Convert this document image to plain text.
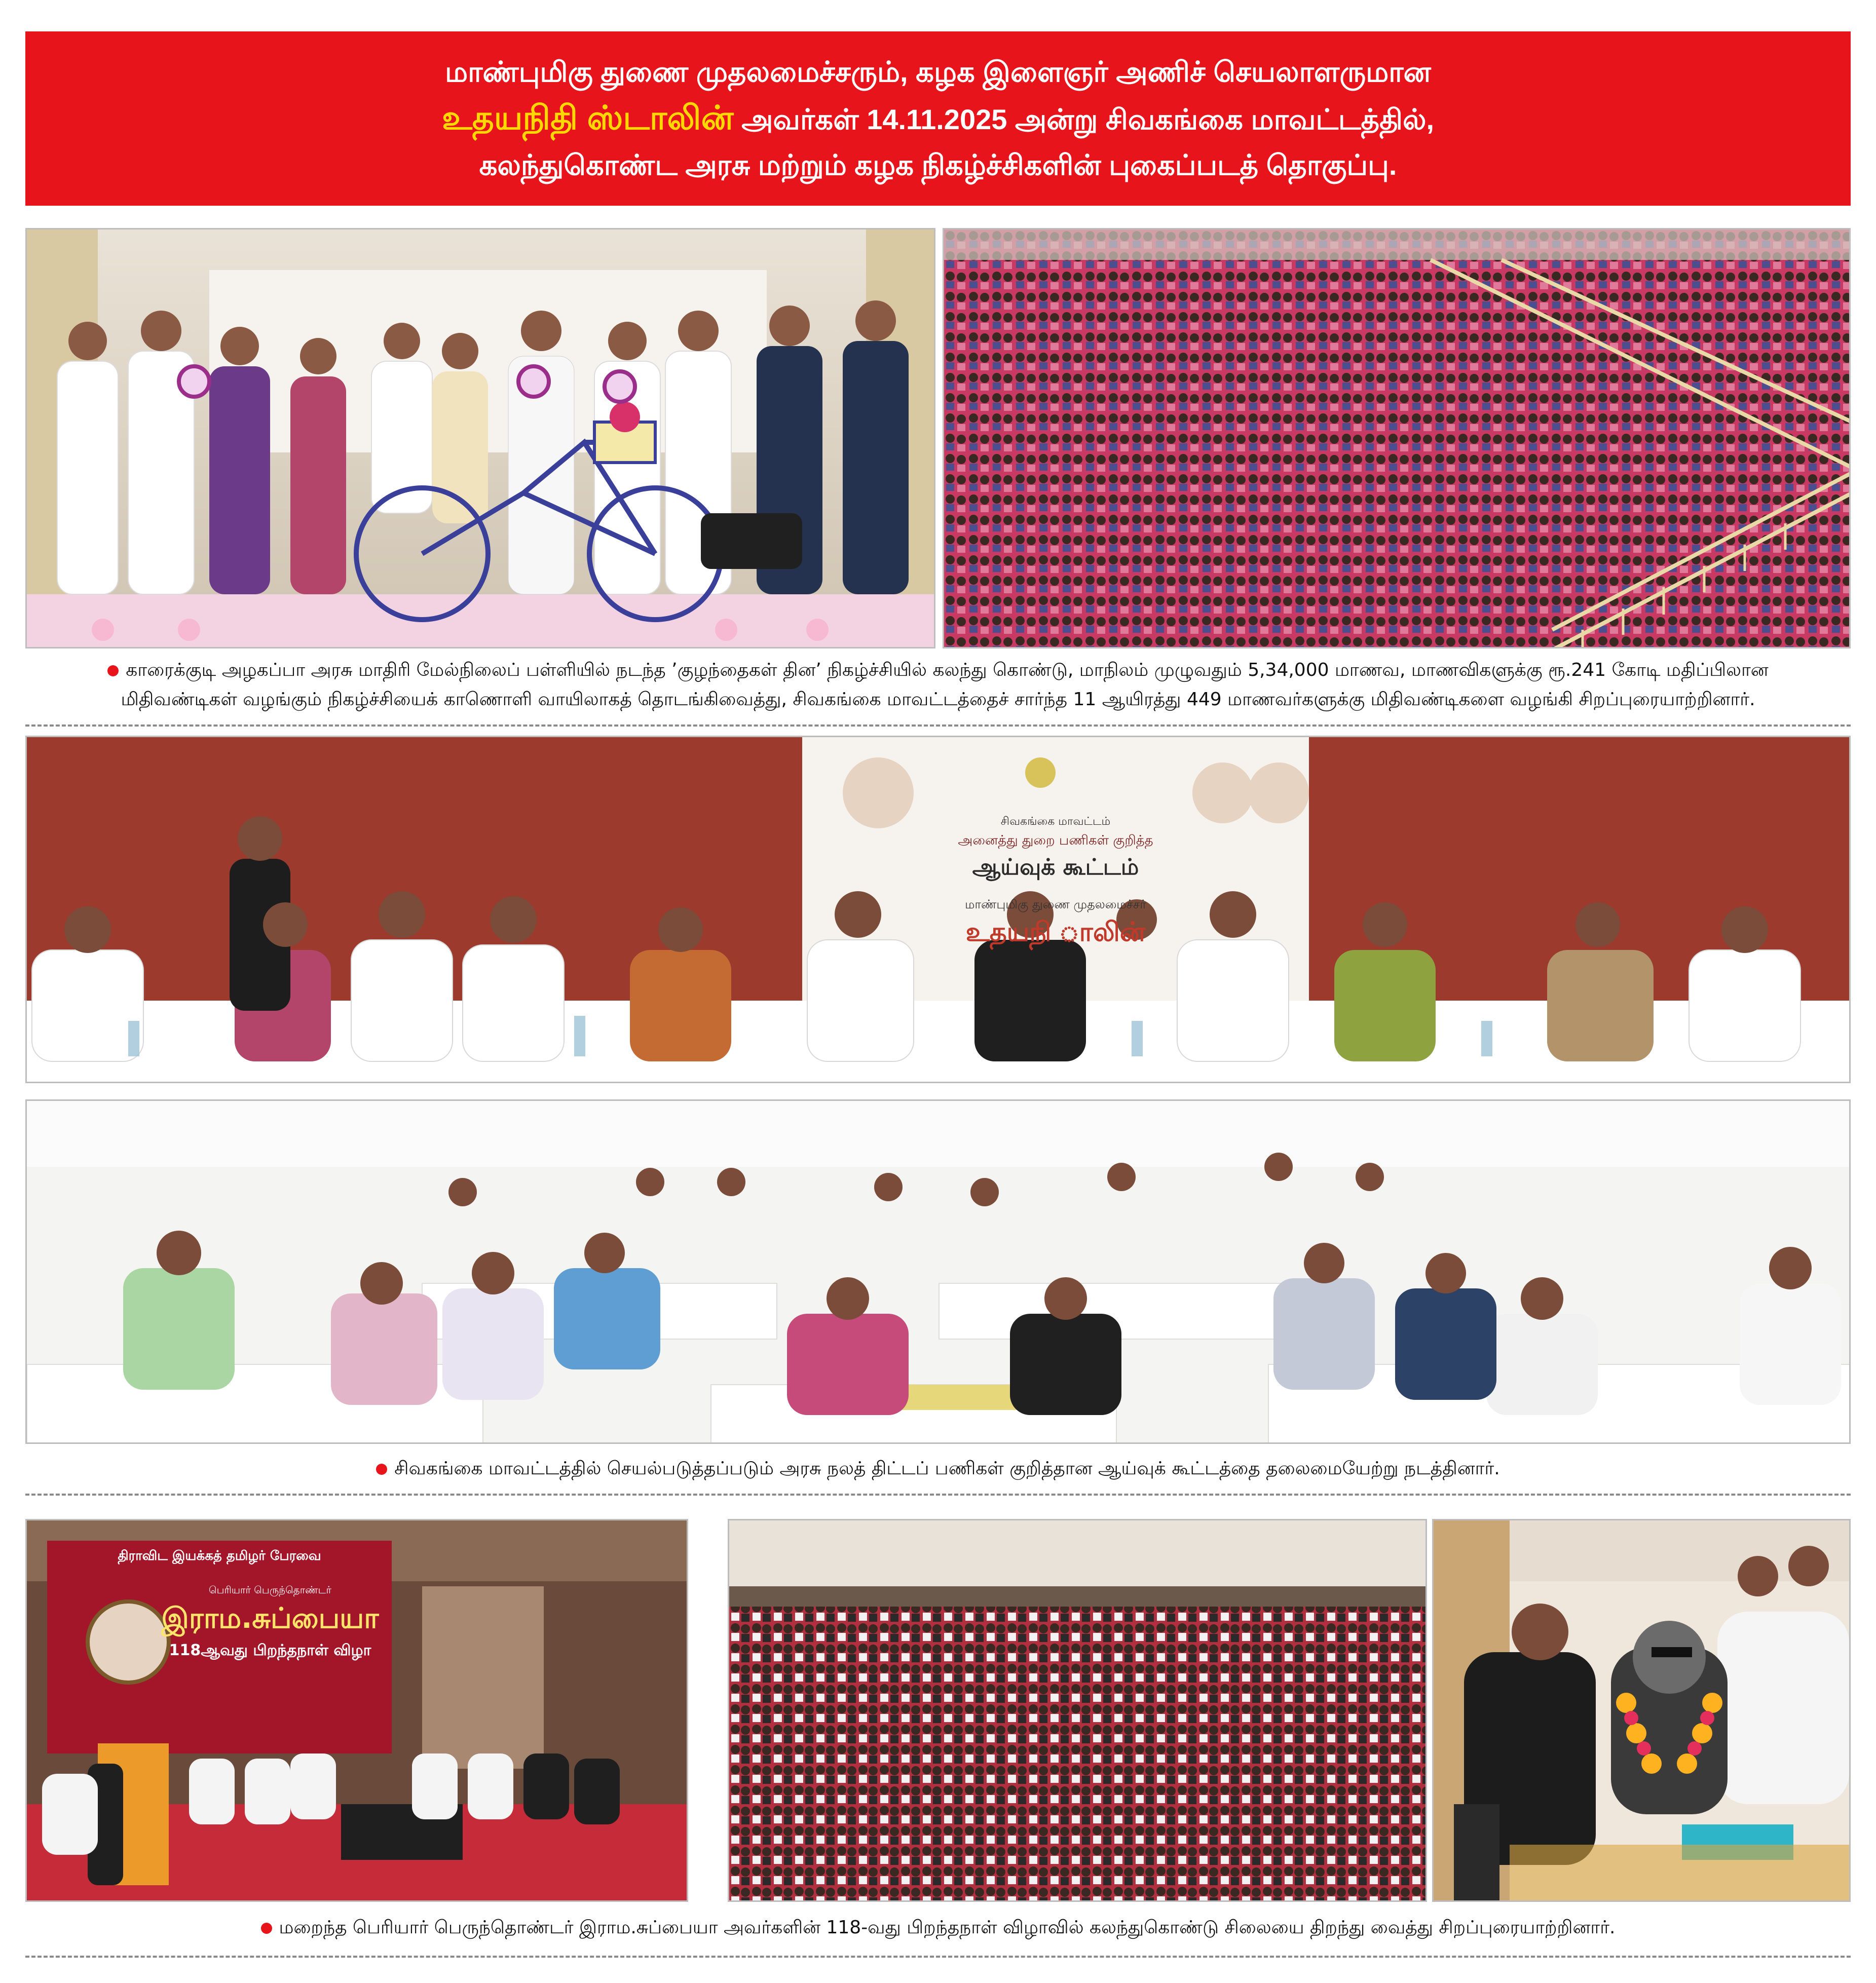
மாண்புமிகு துணை முதலமைச்சரும், கழக இளைஞர் அணிச் செயலாளருமான
உதயநிதி ஸ்டாலின் அவர்கள் 14.11.2025 அன்று சிவகங்கை மாவட்டத்தில்,
கலந்துகொண்ட அரசு மற்றும் கழக நிகழ்ச்சிகளின் புகைப்படத் தொகுப்பு.
காரைக்குடி அழகப்பா அரசு மாதிரி மேல்நிலைப் பள்ளியில் நடந்த ’குழந்தைகள் தின’ நிகழ்ச்சியில் கலந்து கொண்டு, மாநிலம் முழுவதும் 5,34,000 மாணவ, மாணவிகளுக்கு ரூ.241 கோடி மதிப்பிலான
மிதிவண்டிகள் வழங்கும் நிகழ்ச்சியைக் காணொளி வாயிலாகத் தொடங்கிவைத்து, சிவகங்கை மாவட்டத்தைச் சார்ந்த 11 ஆயிரத்து 449 மாணவர்களுக்கு மிதிவண்டிகளை வழங்கி சிறப்புரையாற்றினார்.
சிவகங்கை மாவட்டம்
அனைத்து துறை பணிகள் குறித்த
ஆய்வுக் கூட்டம்
மாண்புமிகு துணை முதலமைச்சர்
உதயநி ாலின்
சிவகங்கை மாவட்டத்தில் செயல்படுத்தப்படும் அரசு நலத் திட்டப் பணிகள் குறித்தான ஆய்வுக் கூட்டத்தை தலைமையேற்று நடத்தினார்.
திராவிட இயக்கத் தமிழர் பேரவை
பெரியார் பெருந்தொண்டர்
இராம.சுப்பையா
118ஆவது பிறந்தநாள் விழா
மறைந்த பெரியார் பெருந்தொண்டர் இராம.சுப்பையா அவர்களின் 118-வது பிறந்தநாள் விழாவில் கலந்துகொண்டு சிலையை திறந்து வைத்து சிறப்புரையாற்றினார்.
